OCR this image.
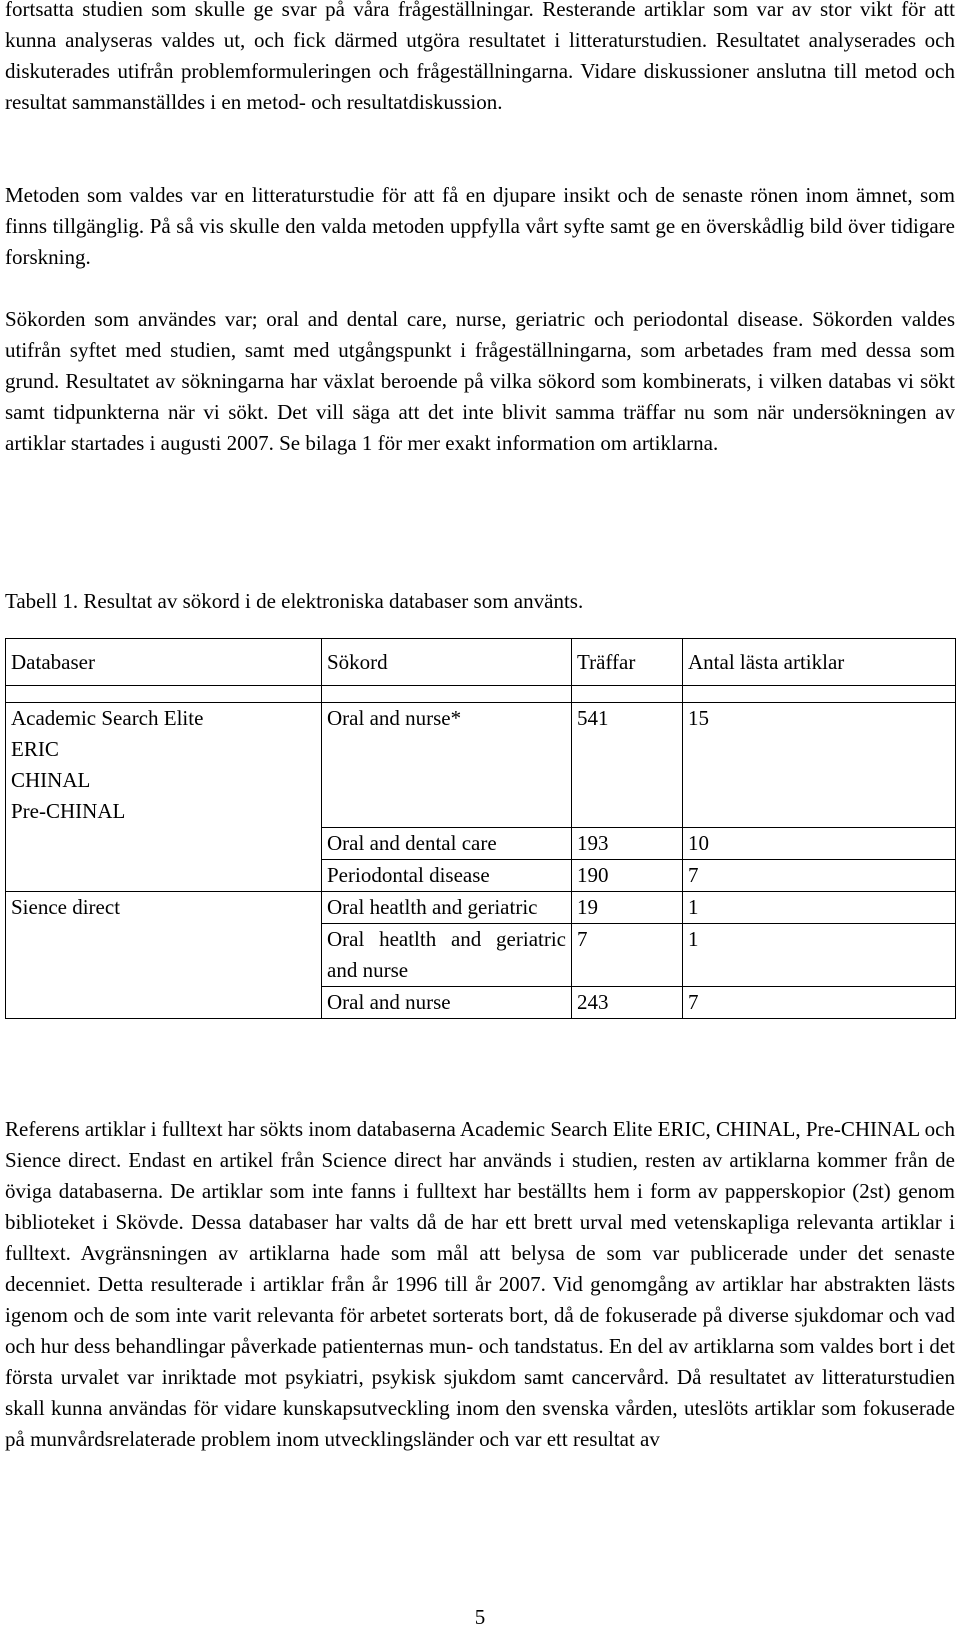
fortsatta studien som skulle ge svar på våra frågeställningar. Resterande artiklar som var av stor vikt för att kunna analyseras valdes ut, och fick därmed utgöra resultatet i litteraturstudien. Resultatet analyserades och diskuterades utifrån problemformuleringen och frågeställningarna. Vidare diskussioner anslutna till metod och resultat sammanställdes i en metod- och resultatdiskussion.

Metoden som valdes var en litteraturstudie för att få en djupare insikt och de senaste rönen inom ämnet, som finns tillgänglig. På så vis skulle den valda metoden uppfylla vårt syfte samt ge en överskådlig bild över tidigare forskning.

Sökorden som användes var; oral and dental care, nurse, geriatric och periodontal disease. Sökorden valdes utifrån syftet med studien, samt med utgångspunkt i frågeställningarna, som arbetades fram med dessa som grund. Resultatet av sökningarna har växlat beroende på vilka sökord som kombinerats, i vilken databas vi sökt samt tidpunkterna när vi sökt. Det vill säga att det inte blivit samma träffar nu som när undersökningen av artiklar startades i augusti 2007. Se bilaga 1 för mer exakt information om artiklarna.

Tabell 1. Resultat av sökord i de elektroniska databaser som använts.

Databaser	Sökord	Träffar	Antal lästa artiklar

Academic Search Elite
ERIC
CHINAL
Pre-CHINAL	Oral and nurse*	541	15
	Oral and dental care	193	10
	Periodontal disease	190	7
Sience direct	Oral heatlth and geriatric	19	1
	Oral heatlth and geriatric and nurse	7	1
	Oral and nurse	243	7

Referens artiklar i fulltext har sökts inom databaserna Academic Search Elite ERIC, CHINAL, Pre-CHINAL och Sience direct. Endast en artikel från Science direct har används i studien, resten av artiklarna kommer från de öviga databaserna. De artiklar som inte fanns i fulltext har beställts hem i form av papperskopior (2st) genom biblioteket i Skövde. Dessa databaser har valts då de har ett brett urval med vetenskapliga relevanta artiklar i fulltext. Avgränsningen av artiklarna hade som mål att belysa de som var publicerade under det senaste decenniet. Detta resulterade i artiklar från år 1996 till år 2007. Vid genomgång av artiklar har abstrakten lästs igenom och de som inte varit relevanta för arbetet sorterats bort, då de fokuserade på diverse sjukdomar och vad och hur dess behandlingar påverkade patienternas mun- och tandstatus. En del av artiklarna som valdes bort i det första urvalet var inriktade mot psykiatri, psykisk sjukdom samt cancervård. Då resultatet av litteraturstudien skall kunna användas för vidare kunskapsutveckling inom den svenska vården, uteslöts artiklar som fokuserade på munvårdsrelaterade problem inom utvecklingsländer och var ett resultat av

5
